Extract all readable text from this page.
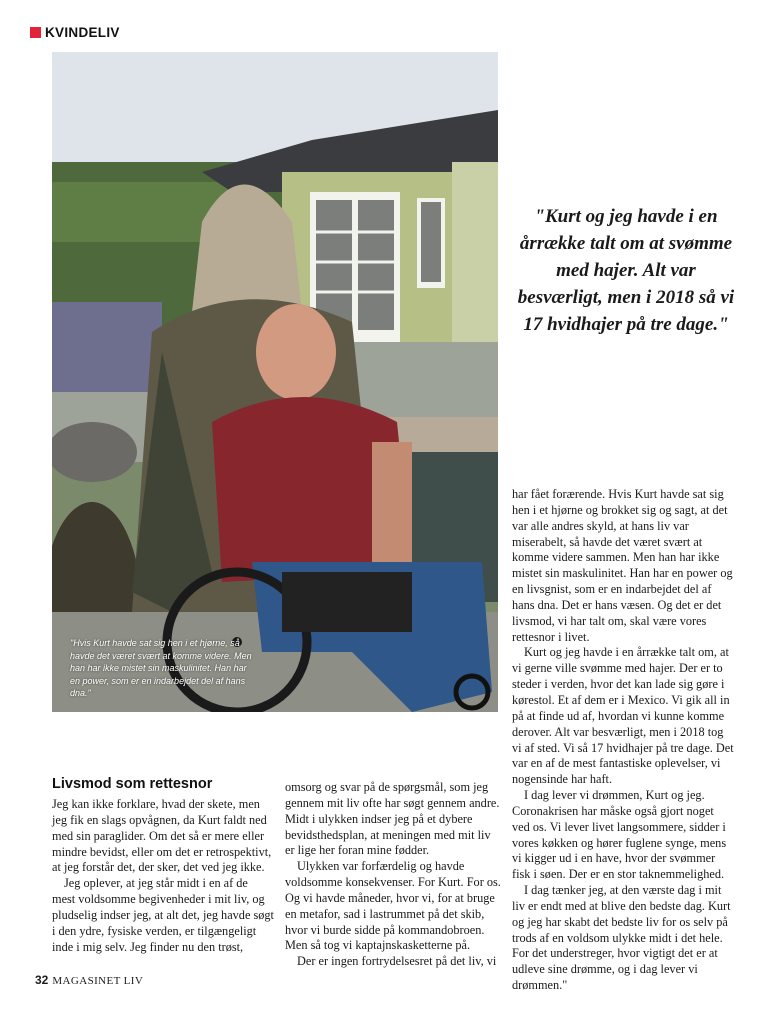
KVINDELIV
"Hvis Kurt havde sat sig hen i et hjørne, så havde det været svært at komme videre. Men han har ikke mistet sin maskulinitet. Han har en power, som er en indarbejdet del af hans dna."
"Kurt og jeg havde i en årrække talt om at svømme med hajer. Alt var besværligt, men i 2018 så vi 17 hvidhajer på tre dage."
Livsmod som rettesnor

Jeg kan ikke forklare, hvad der skete, men jeg fik en slags opvågnen, da Kurt faldt ned med sin paraglider. Om det så er mere eller mindre bevidst, eller om det er retrospektivt, at jeg forstår det, der sker, det ved jeg ikke.

Jeg oplever, at jeg står midt i en af de mest voldsomme begivenheder i mit liv, og pludselig indser jeg, at alt det, jeg havde søgt i den ydre, fysiske verden, er tilgængeligt inde i mig selv. Jeg finder nu den trøst,

omsorg og svar på de spørgsmål, som jeg gennem mit liv ofte har søgt gennem andre. Midt i ulykken indser jeg på et dybere bevidsthedsplan, at meningen med mit liv er lige her foran mine fødder.

Ulykken var forfærdelig og havde voldsomme konsekvenser. For Kurt. For os. Og vi havde måneder, hvor vi, for at bruge en metafor, sad i lastrummet på det skib, hvor vi burde sidde på kommandobroen. Men så tog vi kaptajnskasketterne på.

Der er ingen fortrydelsesret på det liv, vi

har fået forærende. Hvis Kurt havde sat sig hen i et hjørne og brokket sig og sagt, at det var alle andres skyld, at hans liv var miserabelt, så havde det været svært at komme videre sammen. Men han har ikke mistet sin maskulinitet. Han har en power og en livsgnist, som er en indarbejdet del af hans dna. Det er hans væsen. Og det er det livsmod, vi har talt om, skal være vores rettesnor i livet.

Kurt og jeg havde i en årrække talt om, at vi gerne ville svømme med hajer. Der er to steder i verden, hvor det kan lade sig gøre i kørestol. Et af dem er i Mexico. Vi gik all in på at finde ud af, hvordan vi kunne komme derover. Alt var besværligt, men i 2018 tog vi af sted. Vi så 17 hvidhajer på tre dage. Det var en af de mest fantastiske oplevelser, vi nogensinde har haft.

I dag lever vi drømmen, Kurt og jeg. Coronakrisen har måske også gjort noget ved os. Vi lever livet langsommere, sidder i vores køkken og hører fuglene synge, mens vi kigger ud i en have, hvor der svømmer fisk i søen. Der er en stor taknemmelighed.

I dag tænker jeg, at den værste dag i mit liv er endt med at blive den bedste dag. Kurt og jeg har skabt det bedste liv for os selv på trods af en voldsom ulykke midt i det hele. For det understreger, hvor vigtigt det er at udleve sine drømme, og i dag lever vi drømmen."

32 MAGASINET LIV
